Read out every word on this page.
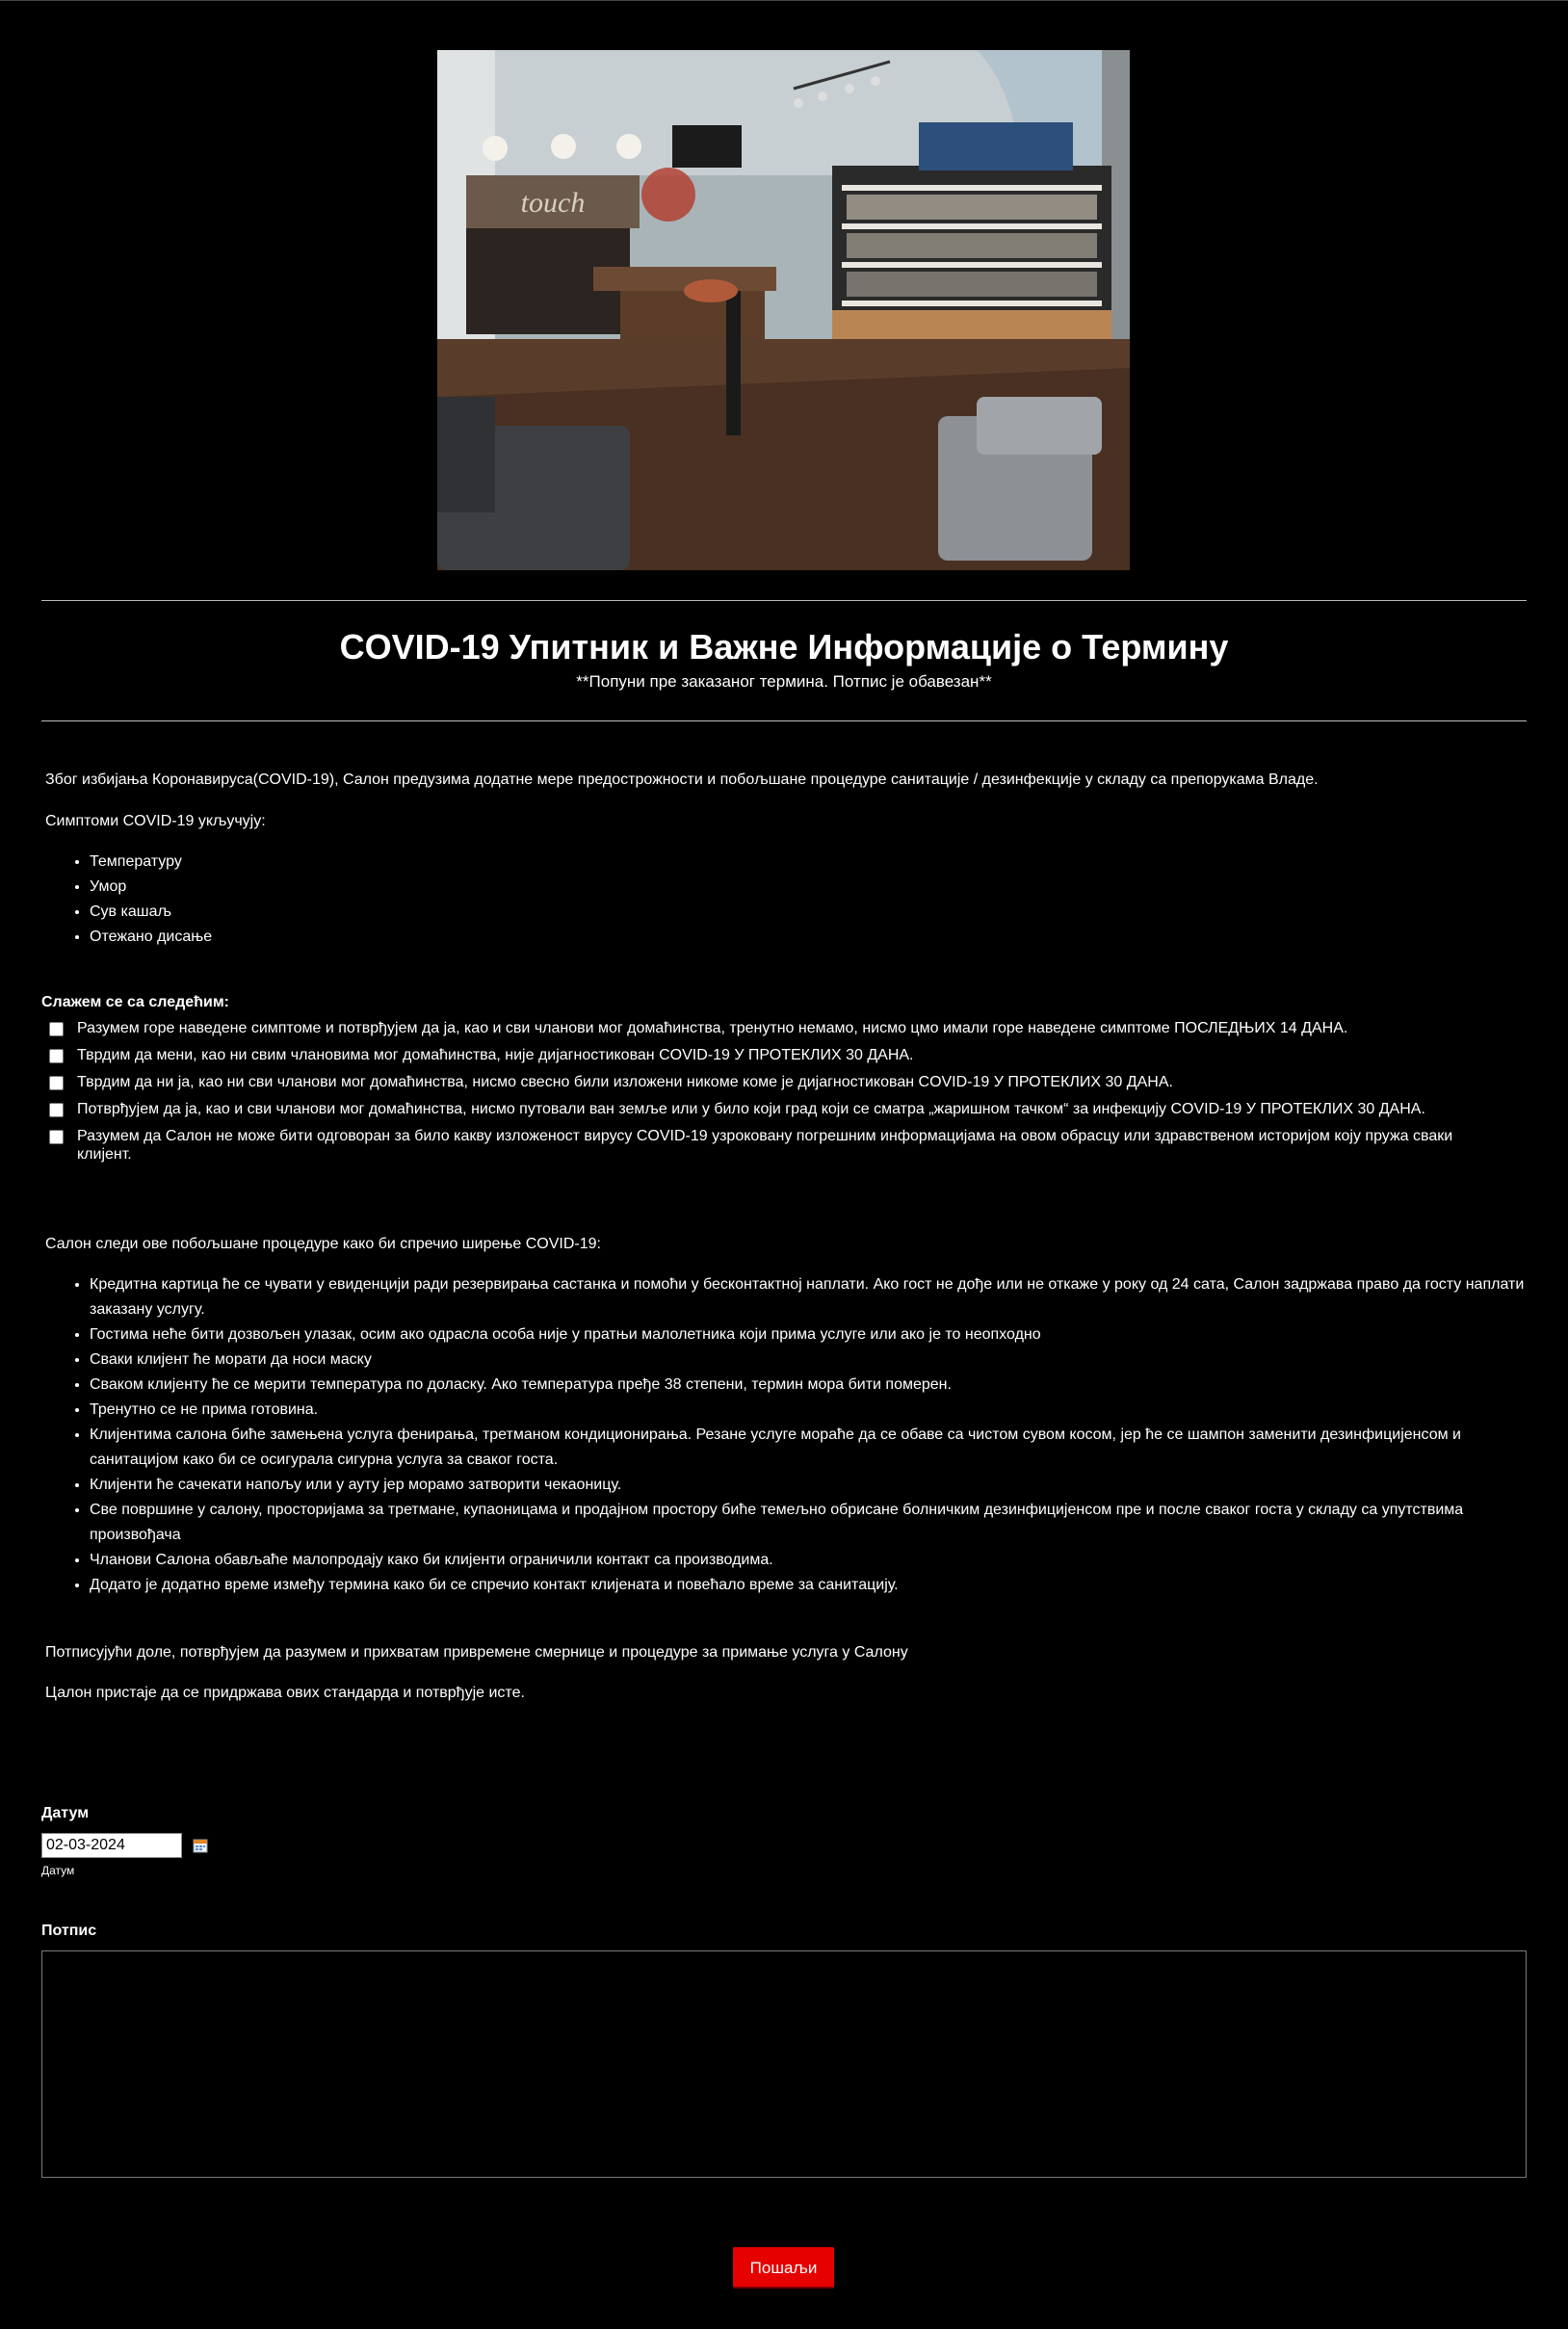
touch
COVID-19 Упитник и Важне Информације о Термину
**Попуни пре заказаног термина. Потпис је обавезан**
Због избијања Коронавируса(COVID-19), Салон предузима додатне мере предострожности и побољшане процедуре санитације / дезинфекције у складу са препорукама Владе.
Симптоми COVID-19 укључују:
• Температуру
• Умор
• Сув кашаљ
• Отежано дисање
Слажем се са следећим:
Разумем горе наведене симптоме и потврђујем да ја, као и сви чланови мог домаћинства, тренутно немамо, нисмо цмо имали горе наведене симптоме ПОСЛЕДЊИХ 14 ДАНА.
Тврдим да мени, као ни свим члановима мог домаћинства, није дијагностикован COVID-19 У ПРОТЕКЛИХ 30 ДАНА.
Тврдим да ни ја, као ни сви чланови мог домаћинства, нисмо свесно били изложени никоме коме је дијагностикован COVID-19 У ПРОТЕКЛИХ 30 ДАНА.
Потврђујем да ја, као и сви чланови мог домаћинства, нисмо путовали ван земље или у било који град који се сматра „жаришном тачком“ за инфекцију COVID-19 У ПРОТЕКЛИХ 30 ДАНА.
Разумем да Салон не може бити одговоран за било какву изложеност вирусу COVID-19 узроковану погрешним информацијама на овом обрасцу или здравственом историјом коју пружа сваки клијент.
Салон следи ове побољшане процедуре како би спречио ширење COVID-19:
• Кредитна картица ће се чувати у евиденцији ради резервирања састанка и помоћи у бесконтактној наплати. Ако гост не дође или не откаже у року од 24 сата, Салон задржава право да госту наплати заказану услугу.
• Гостима неће бити дозвољен улазак, осим ако одрасла особа није у пратњи малолетника који прима услуге или ако је то неопходно
• Сваки клијент ће морати да носи маску
• Сваком клијенту ће се мерити температура по доласку. Ако температура пређе 38 степени, термин мора бити померен.
• Тренутно се не прима готовина.
• Клијентима салона биће замењена услуга фенирања, третманом кондиционирања. Резане услуге мораће да се обаве са чистом сувом косом, јер ће се шампон заменити дезинфицијенсом и санитацијом како би се осигурала сигурна услуга за сваког госта.
• Клијенти ће сачекати напољу или у ауту јер морамо затворити чекаоницу.
• Све површине у салону, просторијама за третмане, купаоницама и продајном простору биће темељно обрисане болничким дезинфицијенсом пре и после сваког госта у складу са упутствима произвођача
• Чланови Салона обављаће малопродају како би клијенти ограничили контакт са производима.
• Додато је додатно време између термина како би се спречио контакт клијената и повећало време за санитацију.
Потписујући доле, потврђујем да разумем и прихватам привремене смернице и процедуре за примање услуга у Салону
Цалон пристаје да се придржава ових стандарда и потврђује исте.
Датум
02-03-2024
Датум
Потпис
Пошаљи
